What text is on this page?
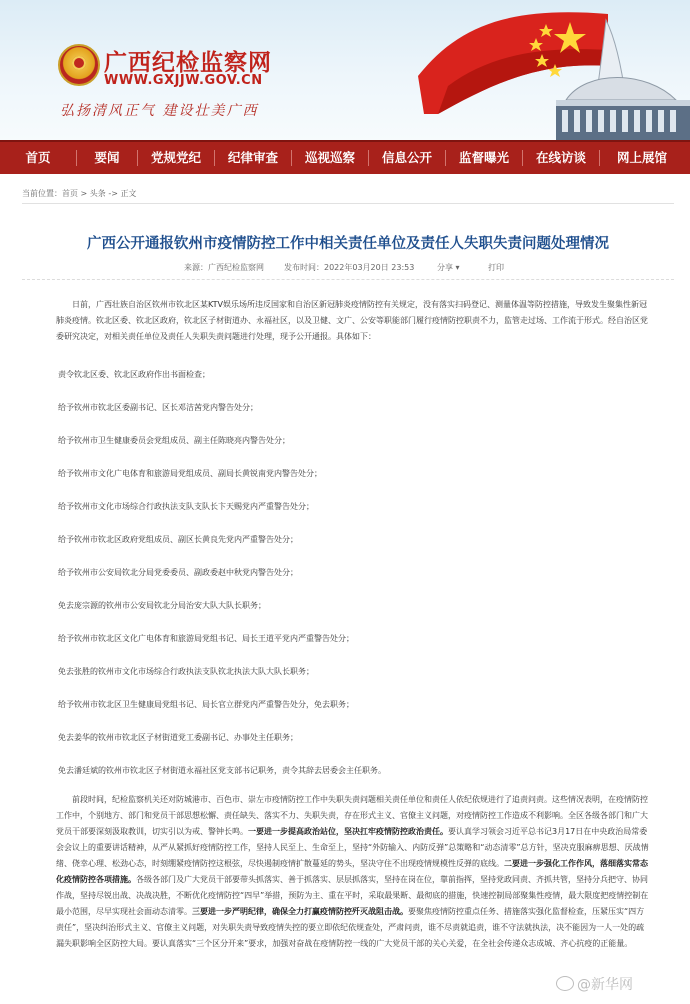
广西纪检监察网
WWW.GXJJW.GOV.CN
弘扬清风正气 建设壮美广西
首页	要闻	党规党纪	纪律审查	巡视巡察	信息公开	监督曝光	在线访谈	网上展馆
当前位置：首页 > 头条 -> 正文
广西公开通报钦州市疫情防控工作中相关责任单位及责任人失职失责问题处理情况
来源：广西纪检监察网	发布时间：2022年03月20日 23:53	分享 ▾	打印

日前，广西壮族自治区钦州市钦北区某KTV娱乐场所违反国家和自治区新冠肺炎疫情防控有关规定，没有落实扫码登记、测量体温等防控措施，导致发生聚集性新冠肺炎疫情。钦北区委、钦北区政府，钦北区子材街道办、永福社区，以及卫健、文广、公安等职能部门履行疫情防控职责不力，监管走过场、工作流于形式。经自治区党委研究决定，对相关责任单位及责任人失职失责问题进行处理，现予公开通报。具体如下：

责令钦北区委、钦北区政府作出书面检查；
给予钦州市钦北区委副书记、区长邓洁茜党内警告处分；
给予钦州市卫生健康委员会党组成员、副主任陈晓亮内警告处分；
给予钦州市文化广电体育和旅游局党组成员、副局长黄锐南党内警告处分；
给予钦州市文化市场综合行政执法支队支队长卞天赐党内严重警告处分；
给予钦州市钦北区政府党组成员、副区长黄良先党内严重警告处分；
给予钦州市公安局钦北分局党委委员、副政委赵中秋党内警告处分；
免去庞宗源的钦州市公安局钦北分局治安大队大队长职务；
给予钦州市钦北区文化广电体育和旅游局党组书记、局长王道平党内严重警告处分；
免去张胜的钦州市文化市场综合行政执法支队钦北执法大队大队长职务；
给予钦州市钦北区卫生健康局党组书记、局长官立群党内严重警告处分，免去职务；
免去姜华的钦州市钦北区子材街道党工委副书记、办事处主任职务；
免去潘廷斌的钦州市钦北区子材街道永福社区党支部书记职务，责令其辞去居委会主任职务。

前段时间，纪检监察机关还对防城港市、百色市、崇左市疫情防控工作中失职失责问题相关责任单位和责任人依纪依规进行了追责问责。这些情况表明，在疫情防控工作中，个别地方、部门和党员干部思想松懈、责任缺失、落实不力、失职失责，存在形式主义、官僚主义问题，对疫情防控工作造成不利影响。全区各级各部门和广大党员干部要深刻汲取教训，切实引以为戒、警钟长鸣。一要进一步提高政治站位，坚决扛牢疫情防控政治责任。要认真学习领会习近平总书记3月17日在中央政治局常委会会议上的重要讲话精神，从严从紧抓好疫情防控工作，坚持人民至上、生命至上，坚持“外防输入、内防反弹”总策略和“动态清零”总方针，坚决克服麻痹思想、厌战情绪、侥幸心理、松劲心态，时刻绷紧疫情防控这根弦，尽快遏制疫情扩散蔓延的势头，坚决守住不出现疫情规模性反弹的底线。二要进一步强化工作作风，落细落实常态化疫情防控各项措施。各级各部门及广大党员干部要带头抓落实、善于抓落实、层层抓落实，坚持在岗在位，靠前指挥，坚持党政同责、齐抓共管，坚持分兵把守、协同作战，坚持尽锐出战、决战决胜，不断优化疫情防控“四早”举措，预防为主、重在平时，采取最果断、最彻底的措施，快速控制局部聚集性疫情，最大限度把疫情控制在最小范围，尽早实现社会面动态清零。三要进一步严明纪律，确保全力打赢疫情防控歼灭战阻击战。要聚焦疫情防控重点任务、措施落实强化监督检查，压紧压实“四方责任”，坚决纠治形式主义、官僚主义问题，对失职失责导致疫情失控的要立即依纪依规查处，严肃问责，谁不尽责就追责，谁不守法就执法，决不能因为一人一处的疏漏失职影响全区防控大局。要认真落实“三个区分开来”要求，加强对奋战在疫情防控一线的广大党员干部的关心关爱，在全社会传递众志成城、齐心抗疫的正能量。

@新华网
